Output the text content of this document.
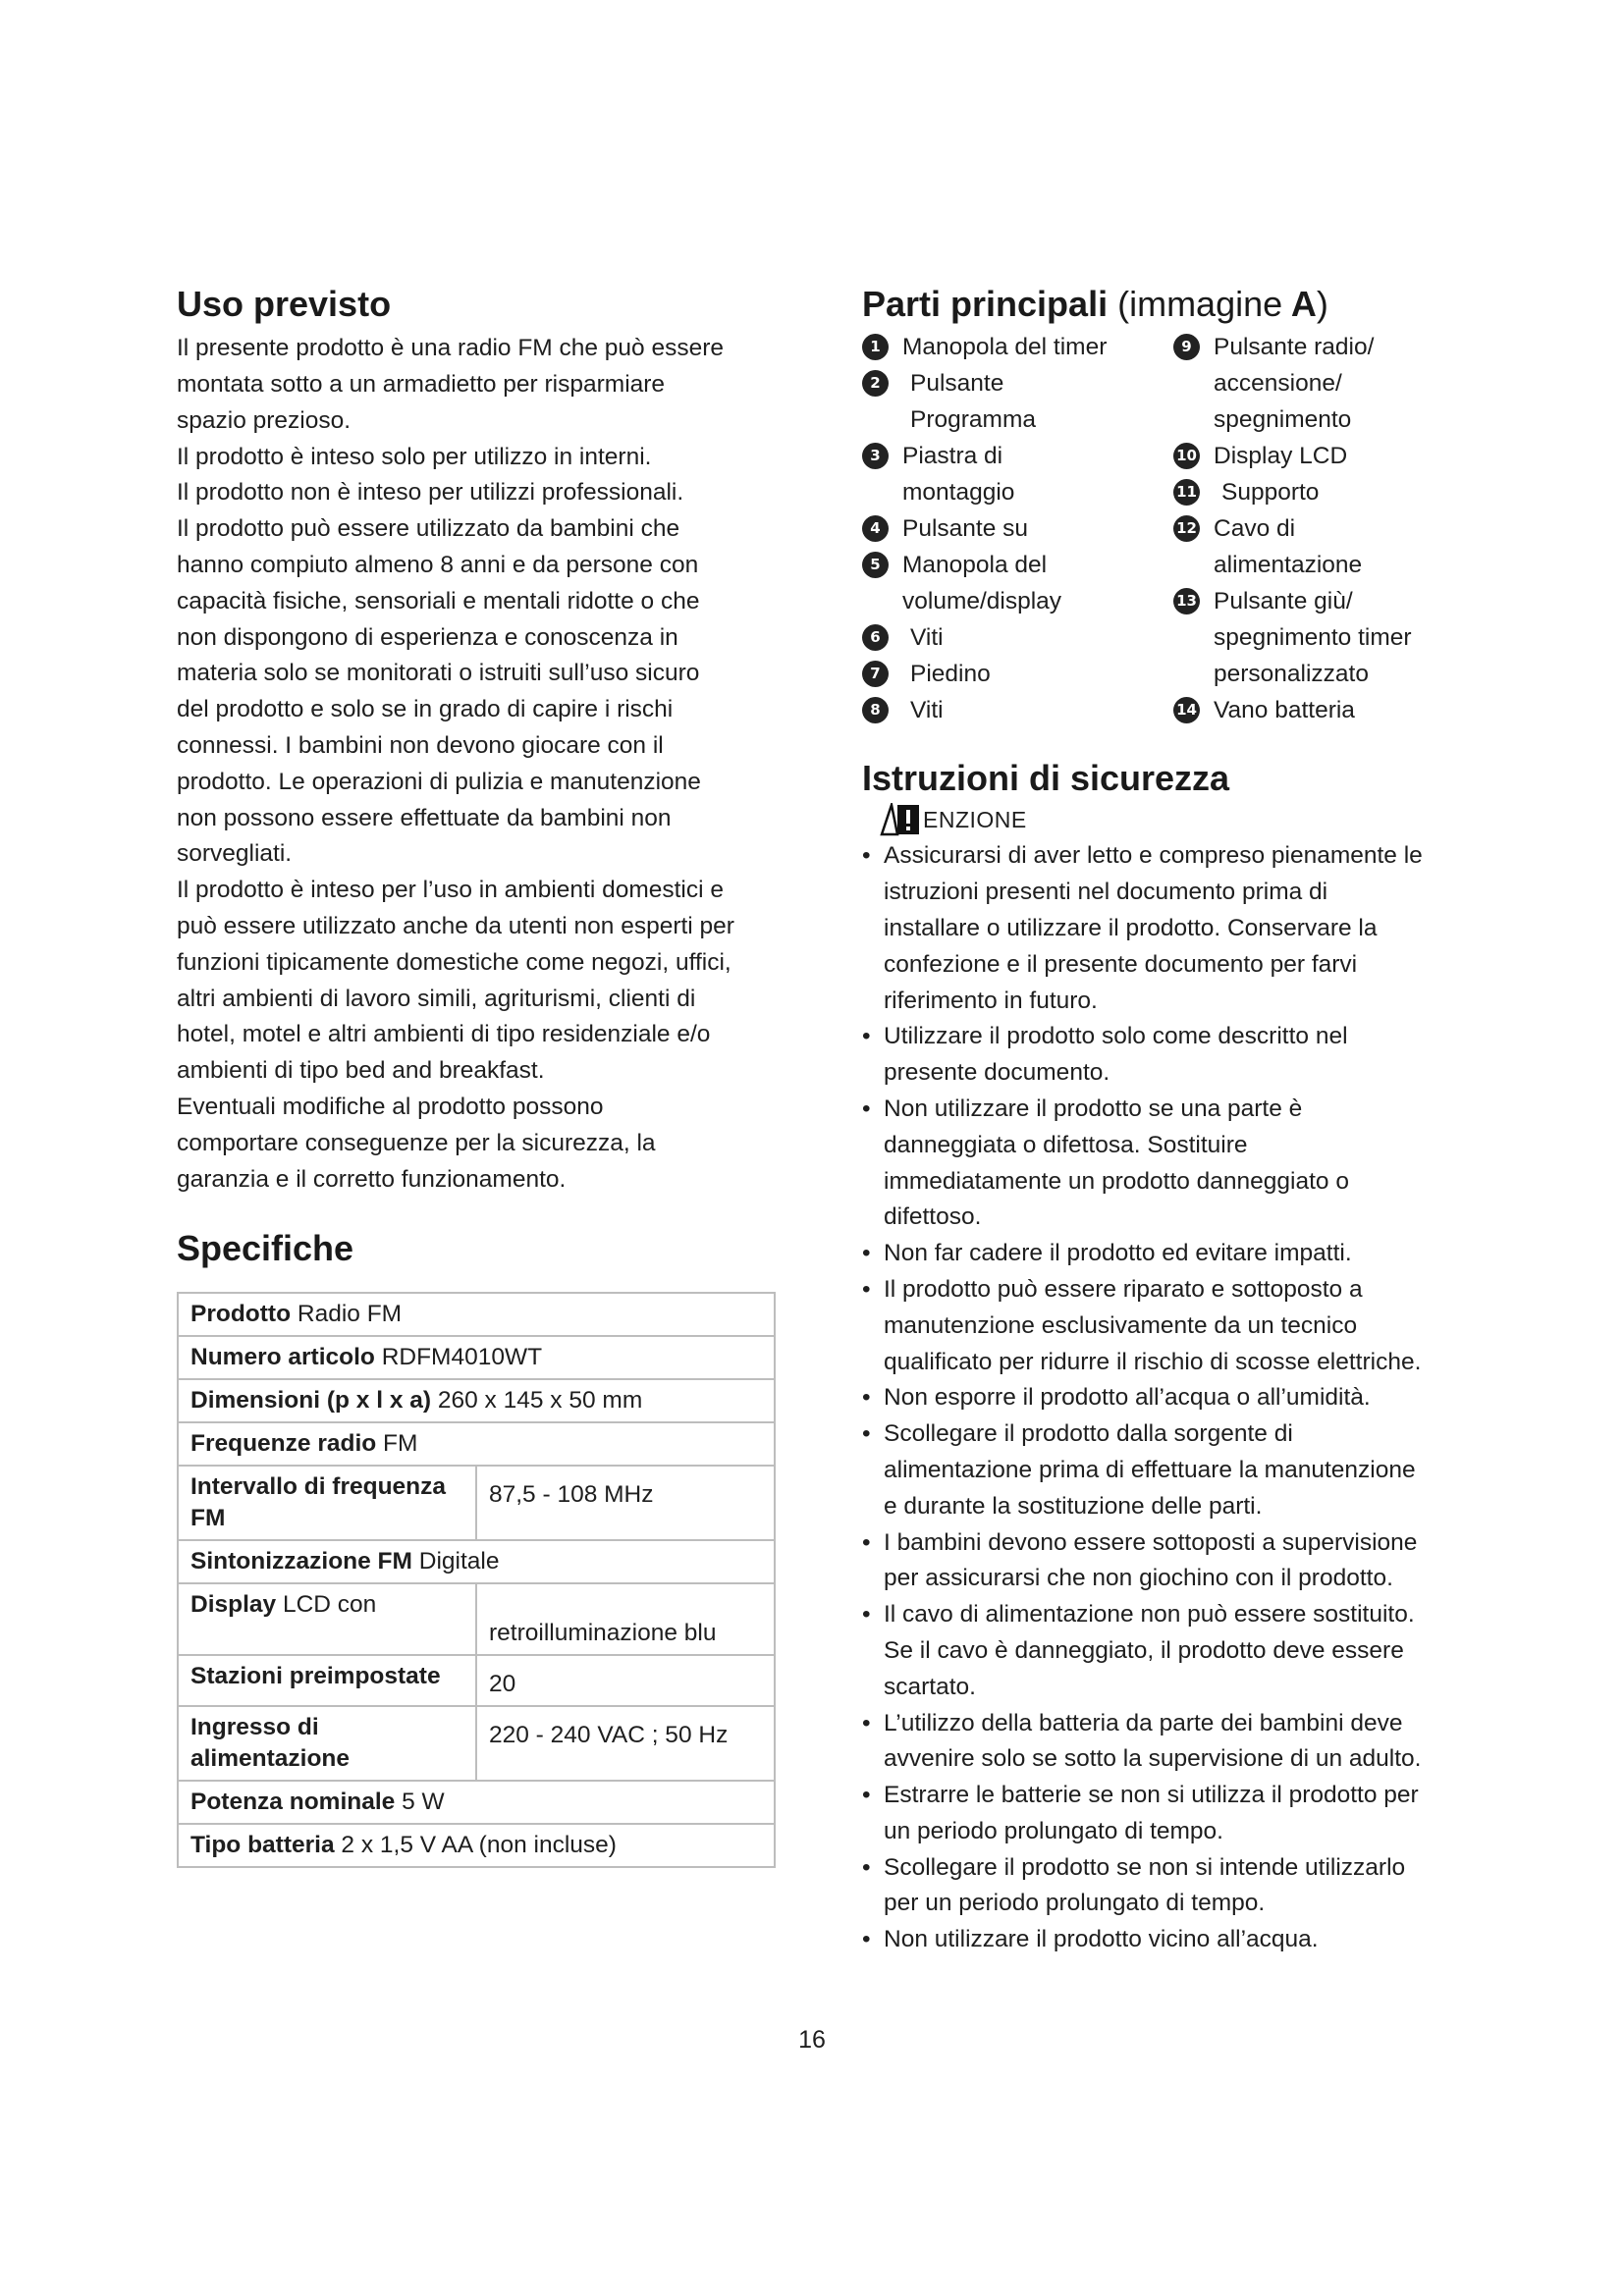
Uso previsto
Il presente prodotto è una radio FM che può essere
montata sotto a un armadietto per risparmiare
spazio prezioso.
Il prodotto è inteso solo per utilizzo in interni.
Il prodotto non è inteso per utilizzi professionali.
Il prodotto può essere utilizzato da bambini che
hanno compiuto almeno 8 anni e da persone con
capacità fisiche, sensoriali e mentali ridotte o che
non dispongono di esperienza e conoscenza in
materia solo se monitorati o istruiti sull’uso sicuro
del prodotto e solo se in grado di capire i rischi
connessi. I bambini non devono giocare con il
prodotto. Le operazioni di pulizia e manutenzione
non possono essere effettuate da bambini non
sorvegliati.
Il prodotto è inteso per l’uso in ambienti domestici e
può essere utilizzato anche da utenti non esperti per
funzioni tipicamente domestiche come negozi, uffici,
altri ambienti di lavoro simili, agriturismi, clienti di
hotel, motel e altri ambienti di tipo residenziale e/o
ambienti di tipo bed and breakfast.
Eventuali modifiche al prodotto possono
comportare conseguenze per la sicurezza, la
garanzia e il corretto funzionamento.
Specifiche
Prodotto Radio FM	
Numero articolo RDFM4010WT	
Dimensioni (p x l x a) 260 x 145 x 50 mm	
Frequenze radio FM	
Intervallo di frequenza FM	87,5 - 108 MHz
Sintonizzazione FM Digitale	
Display LCD con	retroilluminazione blu
Stazioni preimpostate	20
Ingresso di alimentazione	220 - 240 VAC ; 50 Hz
Potenza nominale 5 W	
Tipo batteria 2 x 1,5 V AA (non incluse)	
Parti principali (immagine A)
1 Manopola del timer
2	Pulsante
Programma
3 Piastra di
montaggio
4 Pulsante su
5 Manopola del
volume/display
6	Viti
7	Piedino
8	Viti
9 Pulsante radio/
accensione/
spegnimento
10 Display LCD
11	Supporto
12 Cavo di
alimentazione
13 Pulsante giù/
spegnimento timer
personalizzato
14 Vano batteria
Istruzioni di sicurezza
ENZIONE
• Assicurarsi di aver letto e compreso pienamente le
istruzioni presenti nel documento prima di
installare o utilizzare il prodotto. Conservare la
confezione e il presente documento per farvi
riferimento in futuro.
• Utilizzare il prodotto solo come descritto nel
presente documento.
• Non utilizzare il prodotto se una parte è
danneggiata o difettosa. Sostituire
immediatamente un prodotto danneggiato o
difettoso.
• Non far cadere il prodotto ed evitare impatti.
• Il prodotto può essere riparato e sottoposto a
manutenzione esclusivamente da un tecnico
qualificato per ridurre il rischio di scosse elettriche.
• Non esporre il prodotto all’acqua o all’umidità.
• Scollegare il prodotto dalla sorgente di
alimentazione prima di effettuare la manutenzione
e durante la sostituzione delle parti.
• I bambini devono essere sottoposti a supervisione
per assicurarsi che non giochino con il prodotto.
• Il cavo di alimentazione non può essere sostituito.
Se il cavo è danneggiato, il prodotto deve essere
scartato.
• L’utilizzo della batteria da parte dei bambini deve
avvenire solo se sotto la supervisione di un adulto.
• Estrarre le batterie se non si utilizza il prodotto per
un periodo prolungato di tempo.
• Scollegare il prodotto se non si intende utilizzarlo
per un periodo prolungato di tempo.
• Non utilizzare il prodotto vicino all’acqua.
16
